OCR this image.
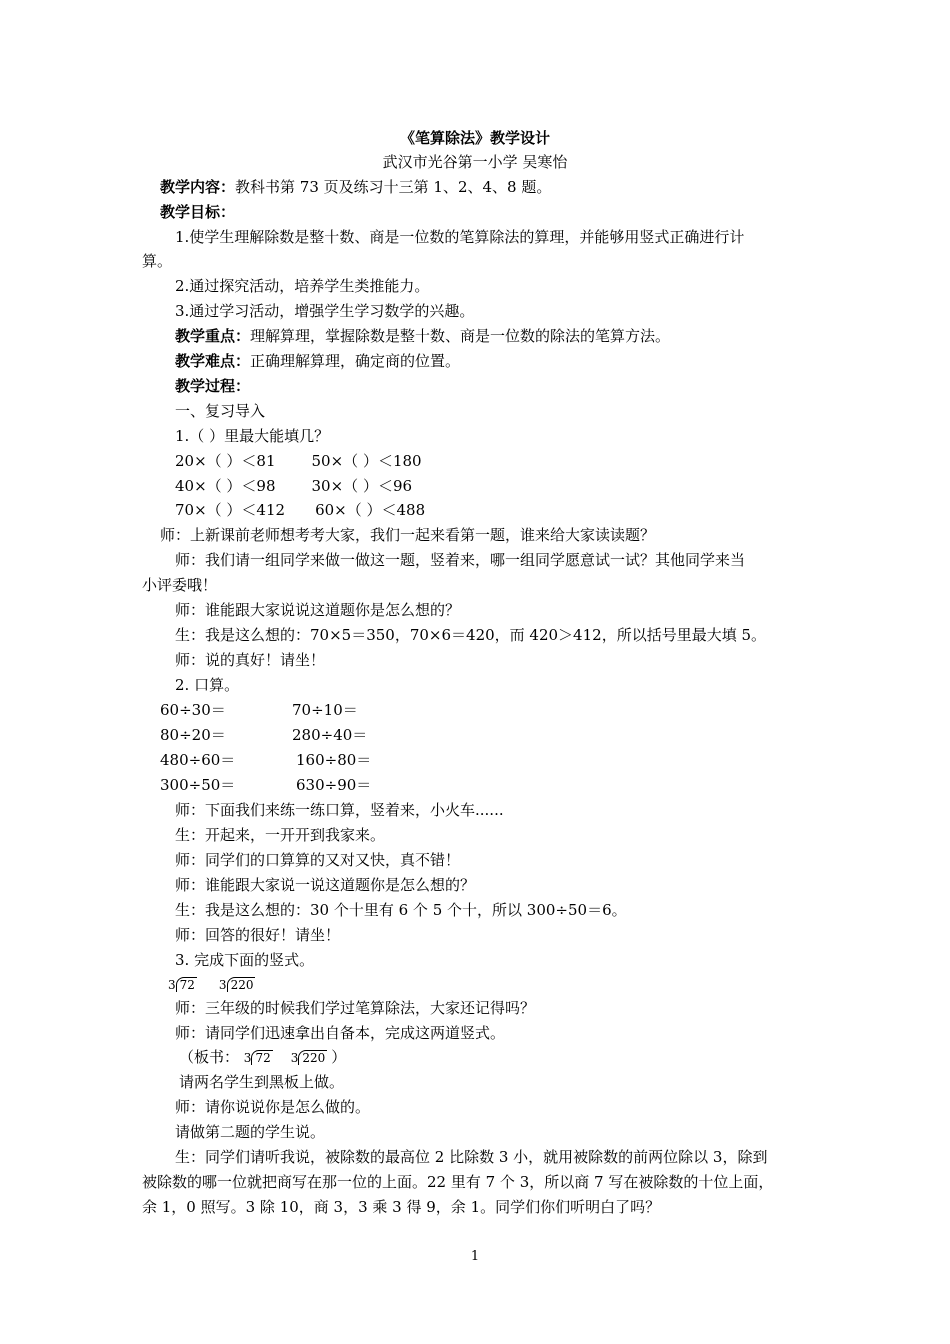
《笔算除法》教学设计
武汉市光谷第一小学 吴寒怡
教学内容：教科书第 73 页及练习十三第 1、2、4、8 题。
教学目标：
1.使学生理解除数是整十数、商是一位数的笔算除法的算理，并能够用竖式正确进行计
算。
2.通过探究活动，培养学生类推能力。
3.通过学习活动，增强学生学习数学的兴趣。
教学重点：理解算理，掌握除数是整十数、商是一位数的除法的笔算方法。
教学难点：正确理解算理，确定商的位置。
教学过程：
一、复习导入
1.（ ）里最大能填几？
20×（ ）＜81 50×（ ）＜180
40×（ ）＜98 30×（ ）＜96
70×（ ）＜412 60×（ ）＜488
师：上新课前老师想考考大家，我们一起来看第一题，谁来给大家读读题？
师：我们请一组同学来做一做这一题，竖着来，哪一组同学愿意试一试？其他同学来当
小评委哦！
师：谁能跟大家说说这道题你是怎么想的？
生：我是这么想的：70×5＝350，70×6＝420，而 420＞412，所以括号里最大填 5。
师：说的真好！请坐！
2. 口算。
60÷30＝	70÷10＝
80÷20＝	280÷40＝
480÷60＝	160÷80＝
300÷50＝	630÷90＝
师：下面我们来练一练口算，竖着来，小火车......
生：开起来，一开开到我家来。
师：同学们的口算算的又对又快，真不错！
师：谁能跟大家说一说这道题你是怎么想的？
生：我是这么想的：30 个十里有 6 个 5 个十，所以 300÷50＝6。
师：回答的很好！请坐！
3. 完成下面的竖式。
3 72 3 220
师：三年级的时候我们学过笔算除法，大家还记得吗？
师：请同学们迅速拿出自备本，完成这两道竖式。
（板书： 3 72 3 220 ）
请两名学生到黑板上做。
师：请你说说你是怎么做的。
请做第二题的学生说。
生：同学们请听我说，被除数的最高位 2 比除数 3 小，就用被除数的前两位除以 3，除到
被除数的哪一位就把商写在那一位的上面。22 里有 7 个 3，所以商 7 写在被除数的十位上面，
余 1，0 照写。3 除 10，商 3，3 乘 3 得 9，余 1。同学们你们听明白了吗？
1
